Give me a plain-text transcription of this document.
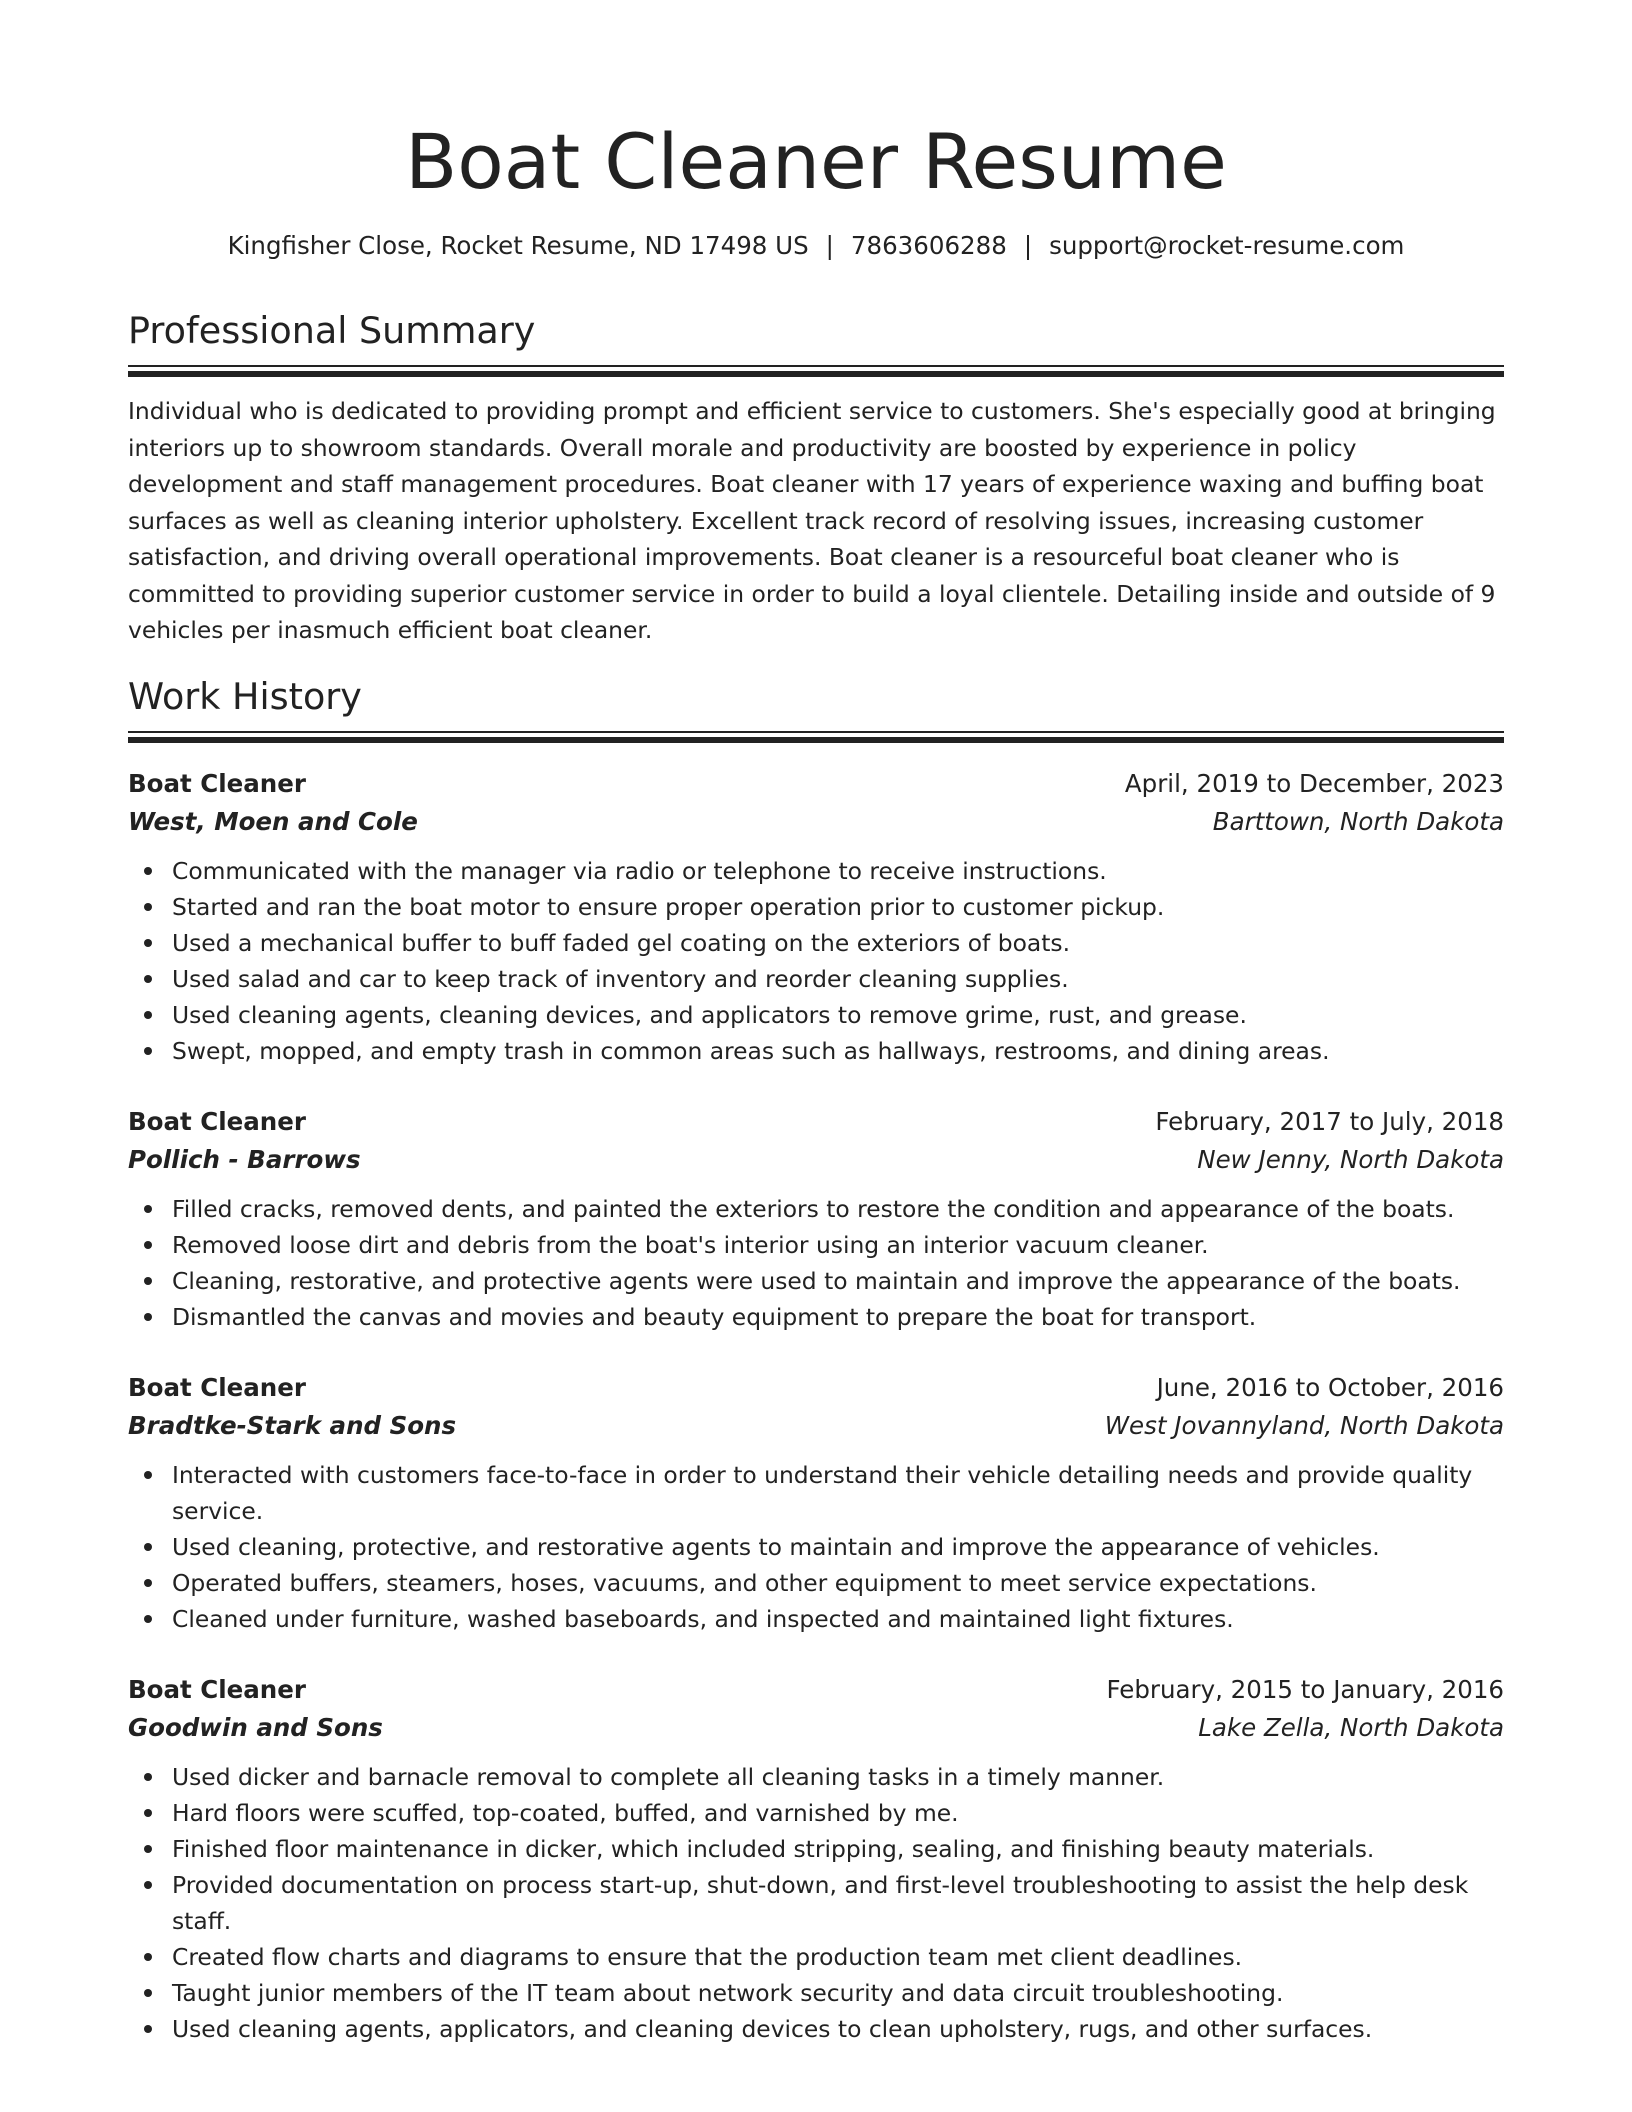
Boat Cleaner Resume
Kingfisher Close, Rocket Resume, ND 17498 US | 7863606288 | support@rocket-resume.com
Professional Summary

Individual who is dedicated to providing prompt and efficient service to customers. She's especially good at bringing interiors up to showroom standards. Overall morale and productivity are boosted by experience in policy development and staff management procedures. Boat cleaner with 17 years of experience waxing and buffing boat surfaces as well as cleaning interior upholstery. Excellent track record of resolving issues, increasing customer satisfaction, and driving overall operational improvements. Boat cleaner is a resourceful boat cleaner who is committed to providing superior customer service in order to build a loyal clientele. Detailing inside and outside of 9 vehicles per inasmuch efficient boat cleaner.

Work History
Boat Cleaner	April, 2019 to December, 2023
West, Moen and Cole	Barttown, North Dakota
Communicated with the manager via radio or telephone to receive instructions.
Started and ran the boat motor to ensure proper operation prior to customer pickup.
Used a mechanical buffer to buff faded gel coating on the exteriors of boats.
Used salad and car to keep track of inventory and reorder cleaning supplies.
Used cleaning agents, cleaning devices, and applicators to remove grime, rust, and grease.
Swept, mopped, and empty trash in common areas such as hallways, restrooms, and dining areas.
Boat Cleaner	February, 2017 to July, 2018
Pollich - Barrows	New Jenny, North Dakota
Filled cracks, removed dents, and painted the exteriors to restore the condition and appearance of the boats.
Removed loose dirt and debris from the boat's interior using an interior vacuum cleaner.
Cleaning, restorative, and protective agents were used to maintain and improve the appearance of the boats.
Dismantled the canvas and movies and beauty equipment to prepare the boat for transport.
Boat Cleaner	June, 2016 to October, 2016
Bradtke-Stark and Sons	West Jovannyland, North Dakota
Interacted with customers face-to-face in order to understand their vehicle detailing needs and provide quality service.
Used cleaning, protective, and restorative agents to maintain and improve the appearance of vehicles.
Operated buffers, steamers, hoses, vacuums, and other equipment to meet service expectations.
Cleaned under furniture, washed baseboards, and inspected and maintained light fixtures.
Boat Cleaner	February, 2015 to January, 2016
Goodwin and Sons	Lake Zella, North Dakota
Used dicker and barnacle removal to complete all cleaning tasks in a timely manner.
Hard floors were scuffed, top-coated, buffed, and varnished by me.
Finished floor maintenance in dicker, which included stripping, sealing, and finishing beauty materials.
Provided documentation on process start-up, shut-down, and first-level troubleshooting to assist the help desk staff.
Created flow charts and diagrams to ensure that the production team met client deadlines.
Taught junior members of the IT team about network security and data circuit troubleshooting.
Used cleaning agents, applicators, and cleaning devices to clean upholstery, rugs, and other surfaces.
